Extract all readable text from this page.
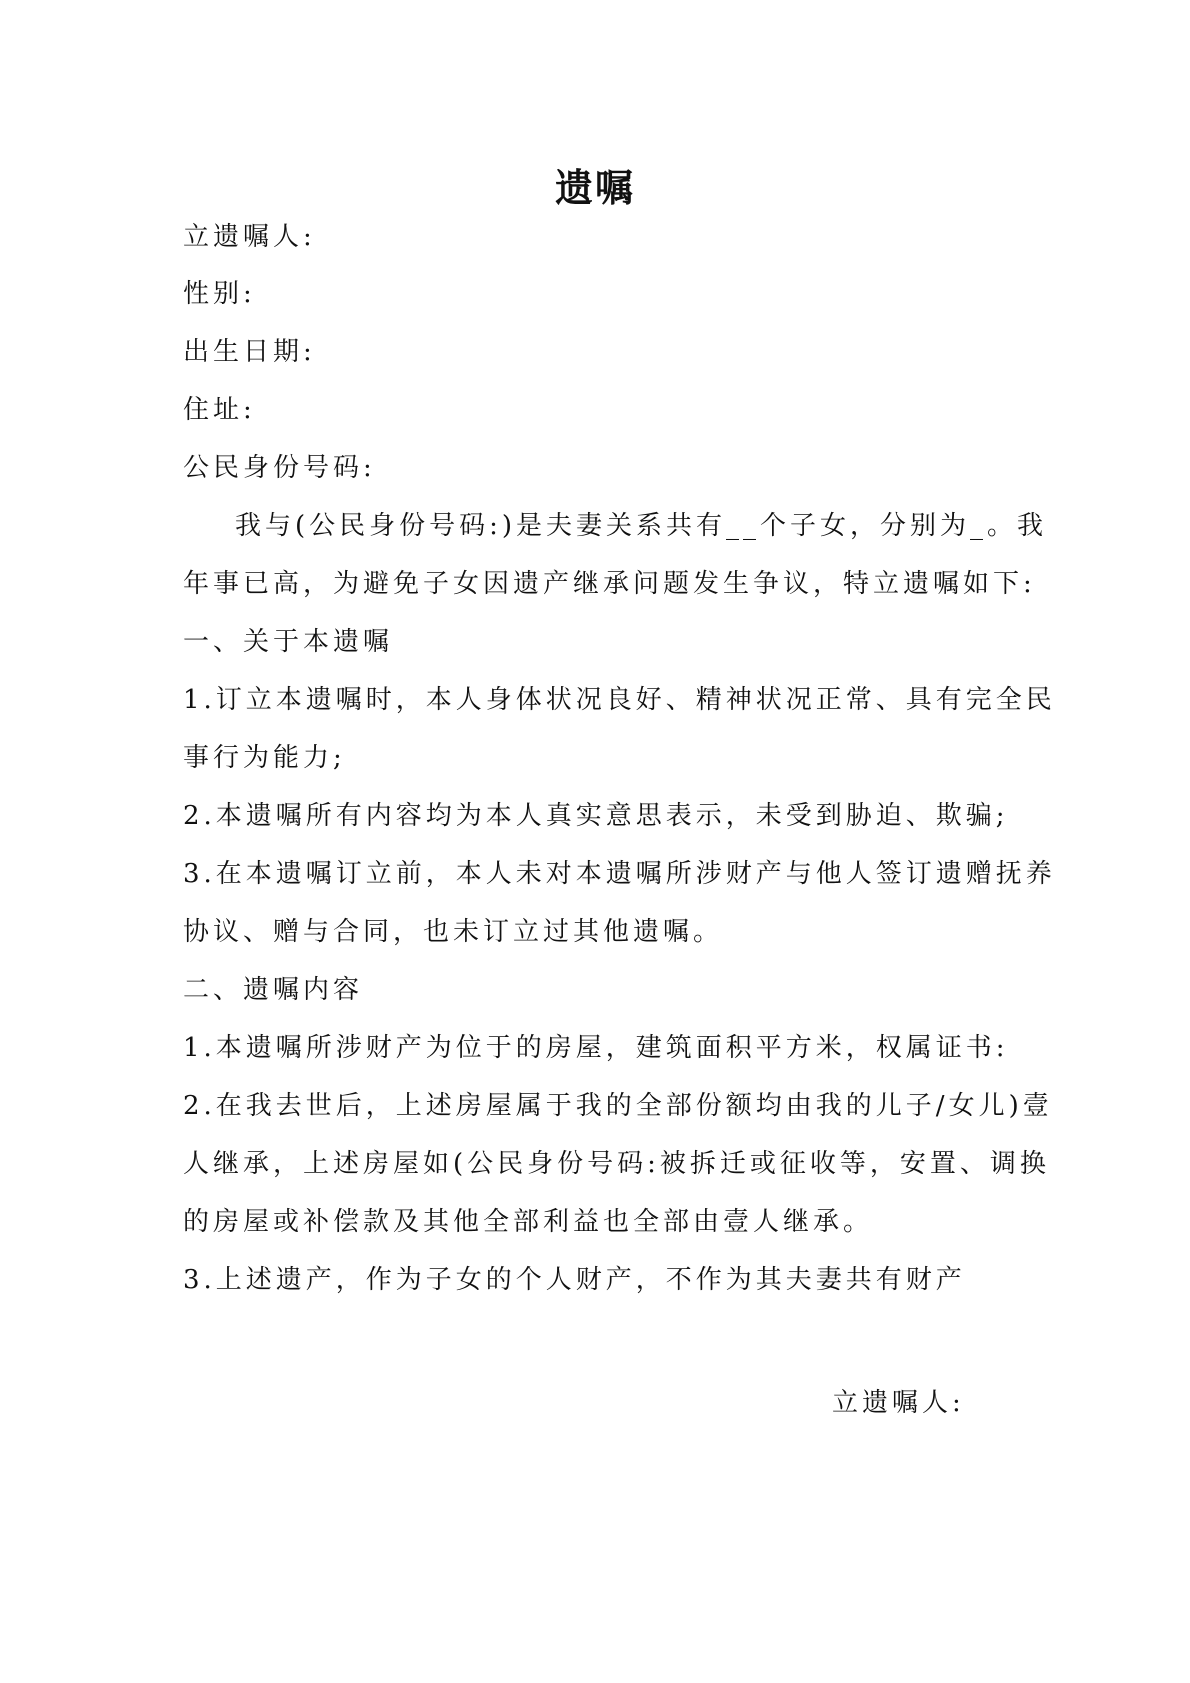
遗嘱
立遗嘱人:
性别:
出生日期:
住址:
公民身份号码:
我与(公民身份号码:)是夫妻关系共有__个子女，分别为_。我
年事已高，为避免子女因遗产继承问题发生争议，特立遗嘱如下:
一、关于本遗嘱
1.订立本遗嘱时，本人身体状况良好、精神状况正常、具有完全民
事行为能力;
2.本遗嘱所有内容均为本人真实意思表示，未受到胁迫、欺骗;
3.在本遗嘱订立前，本人未对本遗嘱所涉财产与他人签订遗赠抚养
协议、赠与合同，也未订立过其他遗嘱。
二、遗嘱内容
1.本遗嘱所涉财产为位于的房屋，建筑面积平方米，权属证书:
2.在我去世后，上述房屋属于我的全部份额均由我的儿子/女儿)壹
人继承，上述房屋如(公民身份号码:被拆迁或征收等，安置、调换
的房屋或补偿款及其他全部利益也全部由壹人继承。
3.上述遗产，作为子女的个人财产，不作为其夫妻共有财产
立遗嘱人:
